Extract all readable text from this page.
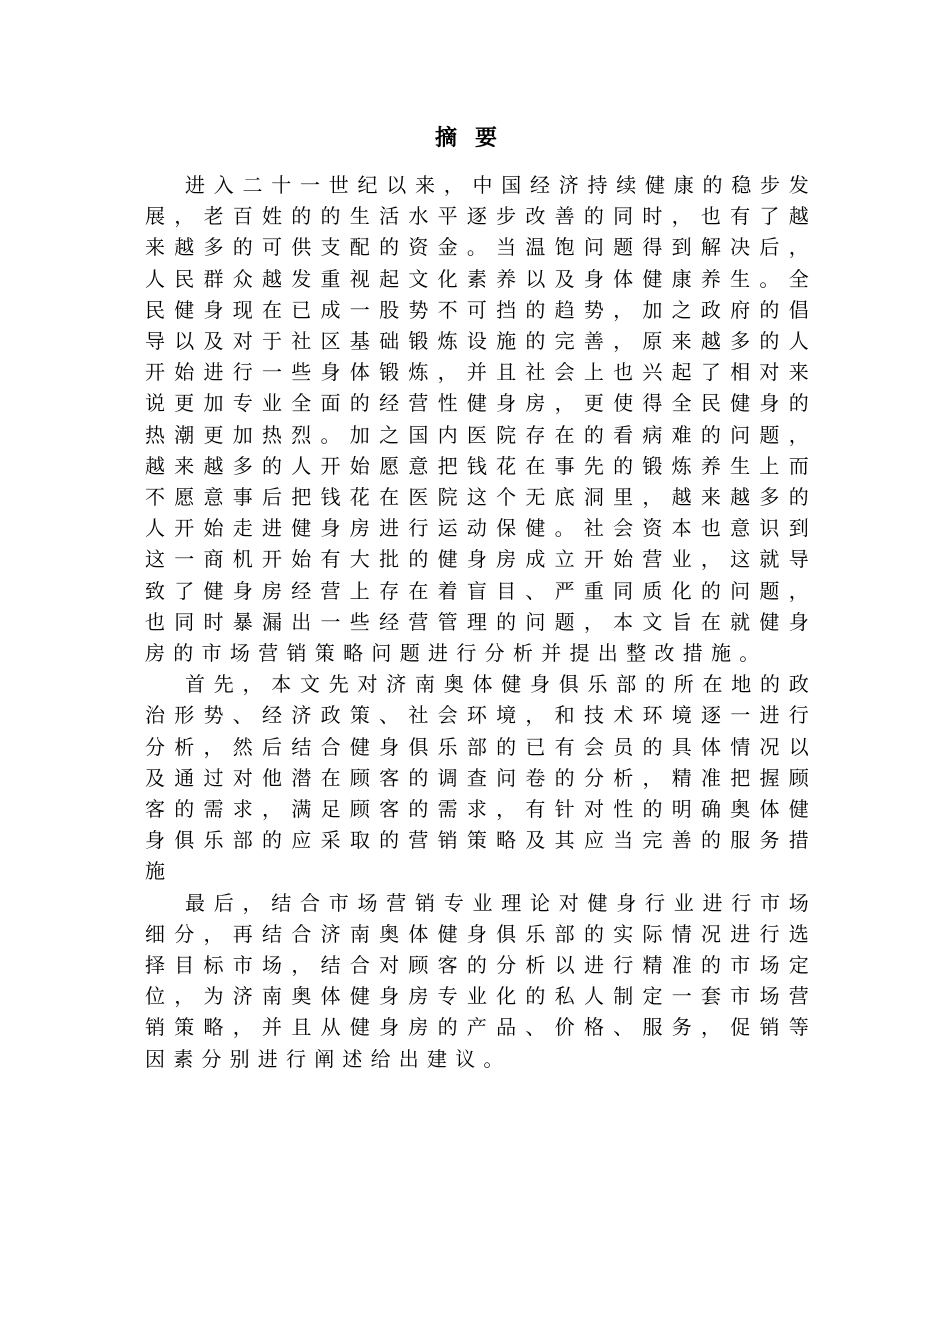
摘要

进入二十一世纪以来，中国经济持续健康的稳步发展，老百姓的的生活水平逐步改善的同时，也有了越来越多的可供支配的资金。当温饱问题得到解决后，人民群众越发重视起文化素养以及身体健康养生。全民健身现在已成一股势不可挡的趋势，加之政府的倡导以及对于社区基础锻炼设施的完善，原来越多的人开始进行一些身体锻炼，并且社会上也兴起了相对来说更加专业全面的经营性健身房，更使得全民健身的热潮更加热烈。加之国内医院存在的看病难的问题，越来越多的人开始愿意把钱花在事先的锻炼养生上而不愿意事后把钱花在医院这个无底洞里，越来越多的人开始走进健身房进行运动保健。社会资本也意识到这一商机开始有大批的健身房成立开始营业，这就导致了健身房经营上存在着盲目、严重同质化的问题，也同时暴漏出一些经营管理的问题，本文旨在就健身房的市场营销策略问题进行分析并提出整改措施。

首先，本文先对济南奥体健身俱乐部的所在地的政治形势、经济政策、社会环境，和技术环境逐一进行分析，然后结合健身俱乐部的已有会员的具体情况以及通过对他潜在顾客的调查问卷的分析，精准把握顾客的需求，满足顾客的需求，有针对性的明确奥体健身俱乐部的应采取的营销策略及其应当完善的服务措施

最后，结合市场营销专业理论对健身行业进行市场细分，再结合济南奥体健身俱乐部的实际情况进行选择目标市场，结合对顾客的分析以进行精准的市场定位，为济南奥体健身房专业化的私人制定一套市场营销策略，并且从健身房的产品、价格、服务，促销等因素分别进行阐述给出建议。
